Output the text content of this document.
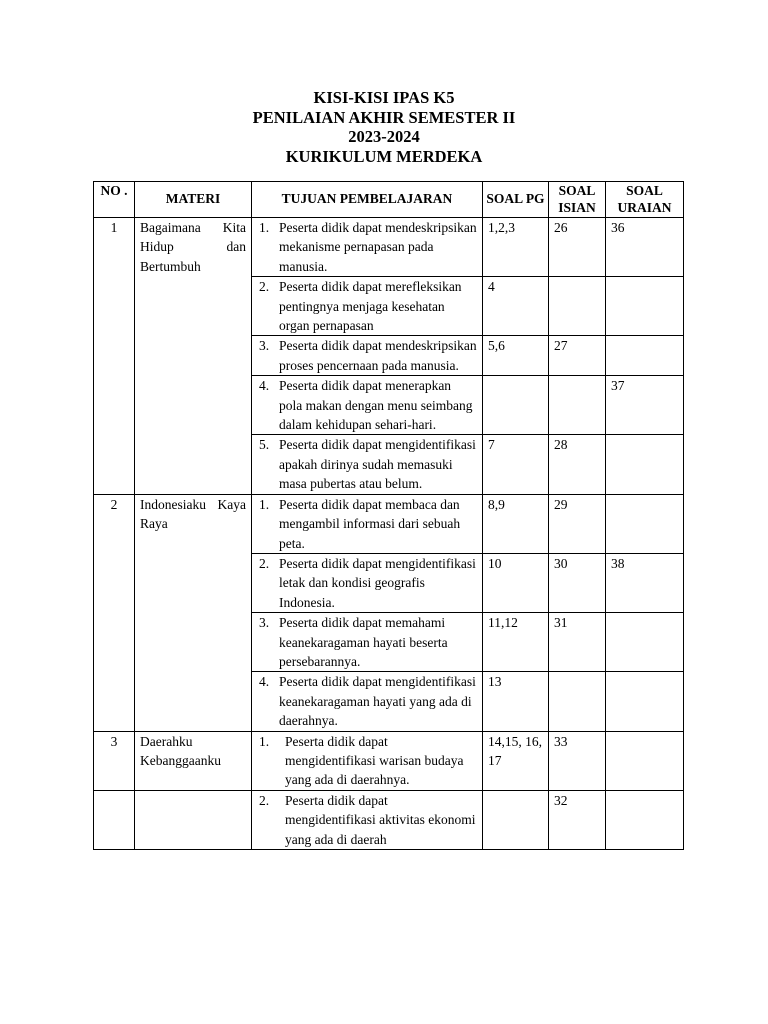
KISI-KISI IPAS K5
PENILAIAN AKHIR SEMESTER II
2023-2024
KURIKULUM MERDEKA
NO .	MATERI	TUJUAN PEMBELAJARAN	SOAL PG	SOAL ISIAN	SOAL URAIAN
1	Bagaimana Kita Hidup dan Bertumbuh	1. Peserta didik dapat mendeskripsikan mekanisme pernapasan pada manusia.	1,2,3	26	36

		2. Peserta didik dapat merefleksikan pentingnya menjaga kesehatan organ pernapasan	4		

		3. Peserta didik dapat mendeskripsikan proses pencernaan pada manusia.	5,6	27	

		4. Peserta didik dapat menerapkan pola makan dengan menu seimbang dalam kehidupan sehari-hari.			37

		5. Peserta didik dapat mengidentifikasi apakah dirinya sudah memasuki masa pubertas atau belum.	7	28	
2	Indonesiaku Kaya Raya	1. Peserta didik dapat membaca dan mengambil informasi dari sebuah peta.	8,9	29	

		2. Peserta didik dapat mengidentifikasi letak dan kondisi geografis Indonesia.	10	30	38

		3. Peserta didik dapat memahami keanekaragaman hayati beserta persebarannya.	11,12	31	

		4. Peserta didik dapat mengidentifikasikeanekaragaman hayati yang ada di daerahnya.	13		
3	Daerahku Kebanggaanku	1. Peserta didik dapat mengidentifikasi warisan budaya yang ada di daerahnya.	14,15, 16, 17	33	

		2. Peserta didik dapat mengidentifikasi aktivitas ekonomi yang ada di daerah		32	
